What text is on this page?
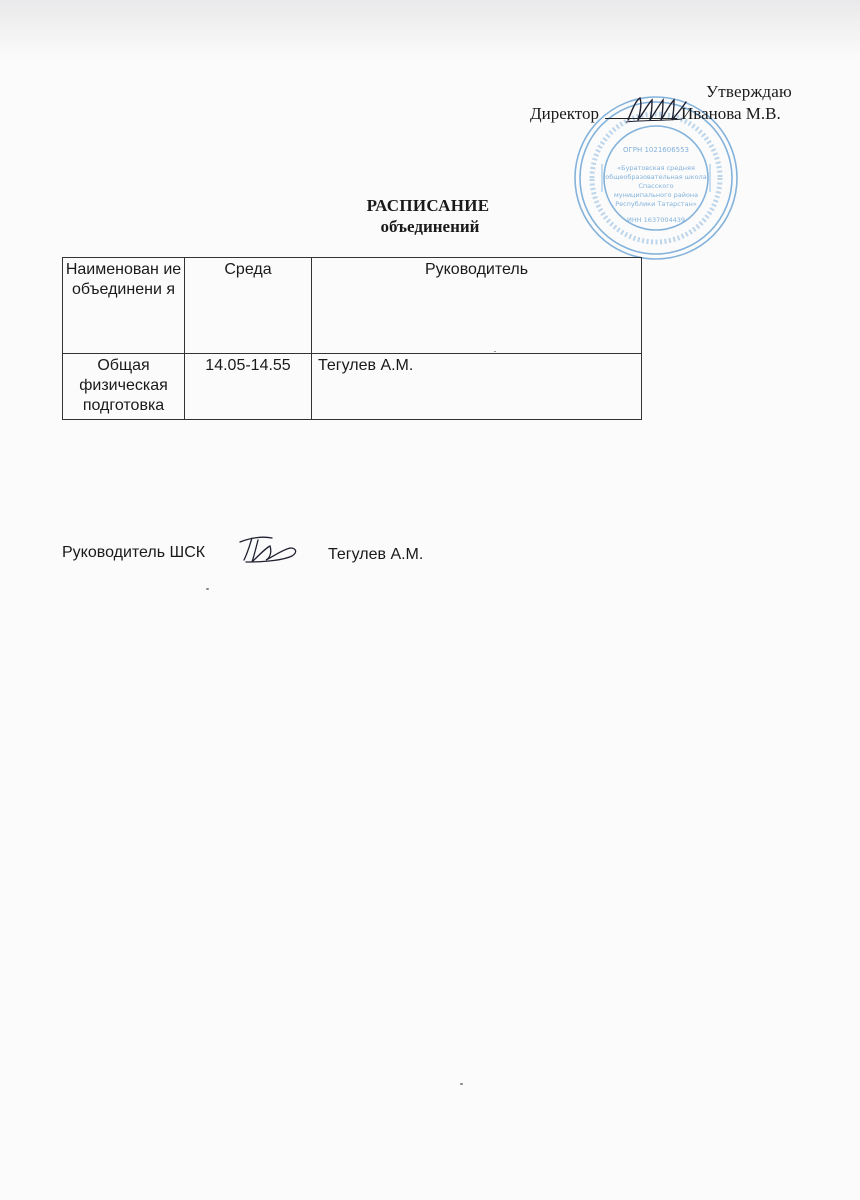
Утверждаю
ОГРН 1021606553
«Буратовская средняя
общеобразовательная школа
Спасского
муниципального района
Республики Татарстан»
ИНН 1637004439
Директор	Иванова М.В.
РАСПИСАНИЕ
объединений
Наименован ие объединени я	Среда	Руководитель
Общая физическая подготовка	14.05-14.55	Тегулев А.М.
Руководитель ШСК	Тегулев А.М.
